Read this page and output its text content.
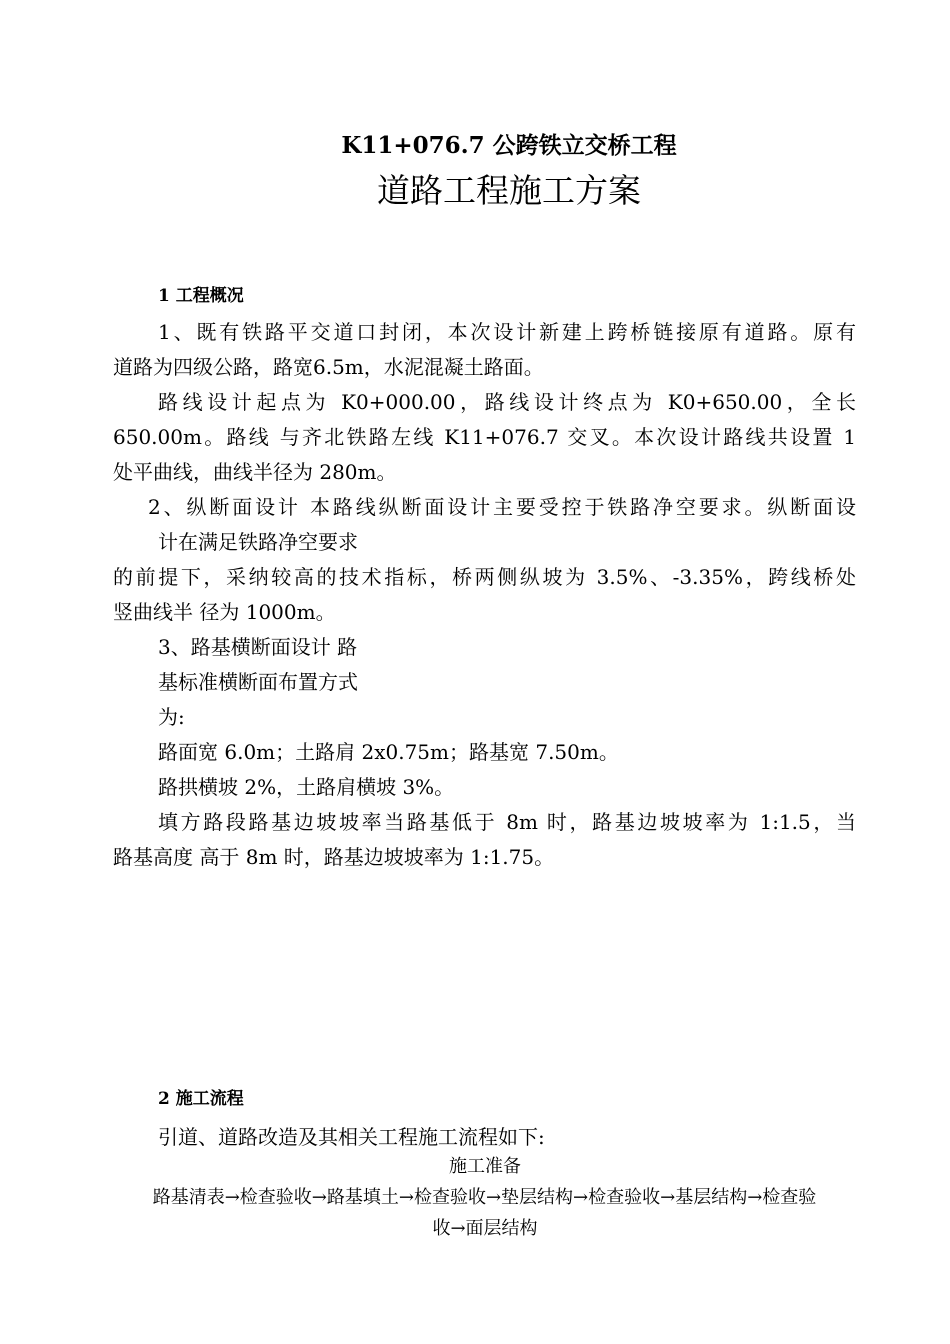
K11+076.7 公跨铁立交桥工程
道路工程施工方案
1 工程概况
1、既有铁路平交道口封闭，本次设计新建上跨桥链接原有道路。原有
道路为四级公路，路宽6.5m，水泥混凝土路面。
路线设计起点为 K0+000.00，路线设计终点为 K0+650.00，全长
650.00m。路线 与齐北铁路左线 K11+076.7 交叉。本次设计路线共设置 1
处平曲线，曲线半径为 280m。
2、纵断面设计 本路线纵断面设计主要受控于铁路净空要求。纵断面设
计在满足铁路净空要求
的前提下，采纳较高的技术指标，桥两侧纵坡为 3.5%、-3.35%，跨线桥处
竖曲线半 径为 1000m。
3、路基横断面设计 路
基标准横断面布置方式
为:
路面宽 6.0m；土路肩 2x0.75m；路基宽 7.50m。
路拱横坡 2%，土路肩横坡 3%。
填方路段路基边坡坡率当路基低于 8m 时，路基边坡坡率为 1:1.5，当
路基高度 高于 8m 时，路基边坡坡率为 1:1.75。
2 施工流程
引道、道路改造及其相关工程施工流程如下:
施工准备
路基清表→检查验收→路基填土→检查验收→垫层结构→检查验收→基层结构→检查验
收→面层结构
